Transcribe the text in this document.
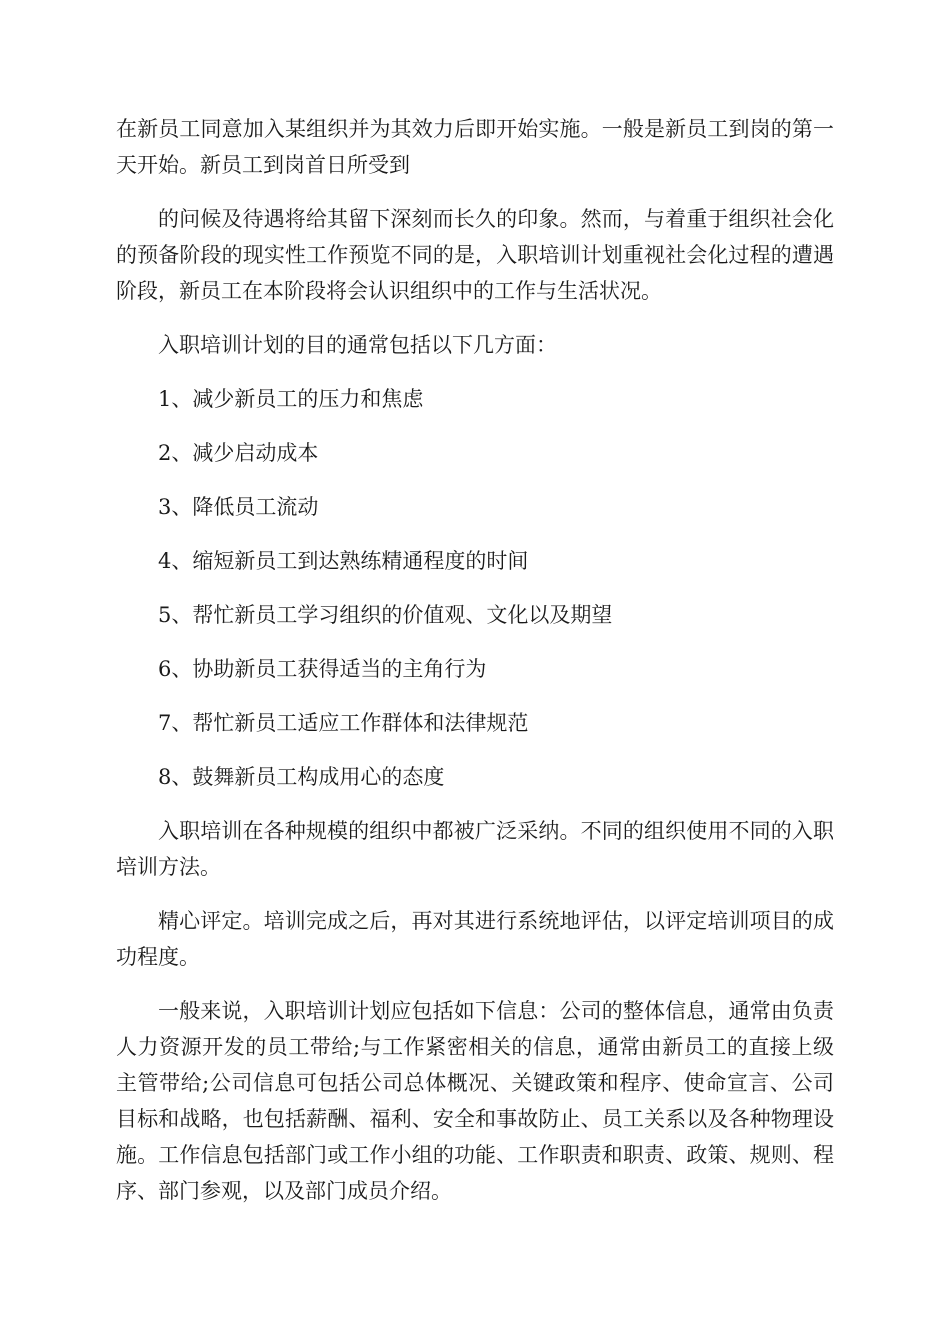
在新员工同意加入某组织并为其效力后即开始实施。一般是新员工到岗的第一天开始。新员工到岗首日所受到

的问候及待遇将给其留下深刻而长久的印象。然而，与着重于组织社会化的预备阶段的现实性工作预览不同的是，入职培训计划重视社会化过程的遭遇阶段，新员工在本阶段将会认识组织中的工作与生活状况。

入职培训计划的目的通常包括以下几方面：

1、减少新员工的压力和焦虑

2、减少启动成本

3、降低员工流动

4、缩短新员工到达熟练精通程度的时间

5、帮忙新员工学习组织的价值观、文化以及期望

6、协助新员工获得适当的主角行为

7、帮忙新员工适应工作群体和法律规范

8、鼓舞新员工构成用心的态度

入职培训在各种规模的组织中都被广泛采纳。不同的组织使用不同的入职培训方法。

精心评定。培训完成之后，再对其进行系统地评估，以评定培训项目的成功程度。

一般来说，入职培训计划应包括如下信息：公司的整体信息，通常由负责人力资源开发的员工带给;与工作紧密相关的信息，通常由新员工的直接上级主管带给;公司信息可包括公司总体概况、关键政策和程序、使命宣言、公司目标和战略，也包括薪酬、福利、安全和事故防止、员工关系以及各种物理设施。工作信息包括部门或工作小组的功能、工作职责和职责、政策、规则、程序、部门参观，以及部门成员介绍。
